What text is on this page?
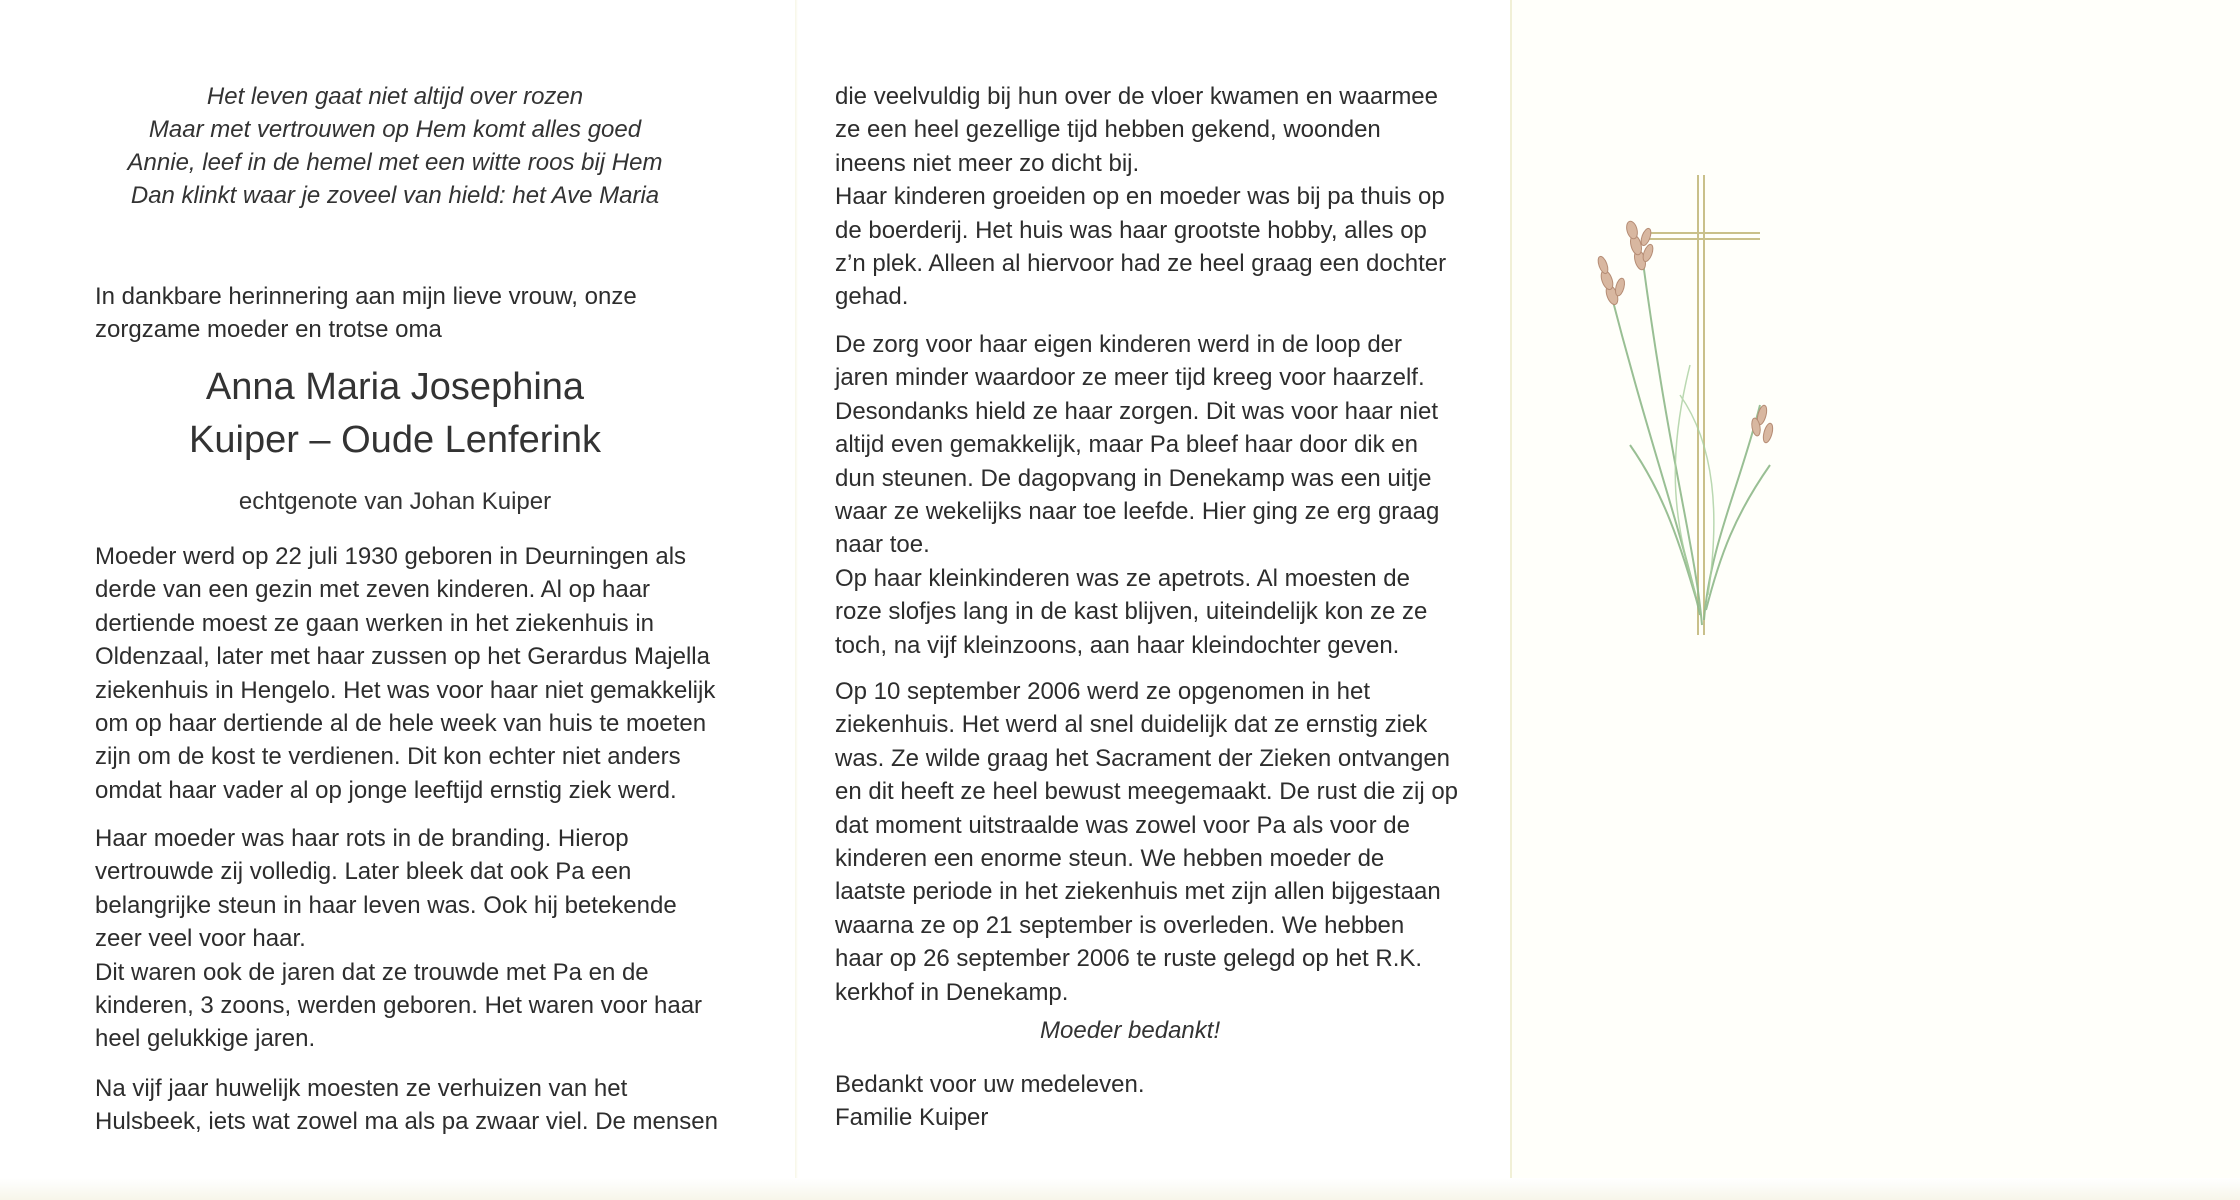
Het leven gaat niet altijd over rozen
Maar met vertrouwen op Hem komt alles goed
Annie, leef in de hemel met een witte roos bij Hem
Dan klinkt waar je zoveel van hield: het Ave Maria

In dankbare herinnering aan mijn lieve vrouw, onze
zorgzame moeder en trotse oma

Anna Maria Josephina
Kuiper – Oude Lenferink
echtgenote van Johan Kuiper
Moeder werd op 22 juli 1930 geboren in Deurningen als
derde van een gezin met zeven kinderen. Al op haar
dertiende moest ze gaan werken in het ziekenhuis in
Oldenzaal, later met haar zussen op het Gerardus Majella
ziekenhuis in Hengelo. Het was voor haar niet gemakkelijk
om op haar dertiende al de hele week van huis te moeten
zijn om de kost te verdienen. Dit kon echter niet anders
omdat haar vader al op jonge leeftijd ernstig ziek werd.
Haar moeder was haar rots in de branding. Hierop
vertrouwde zij volledig. Later bleek dat ook Pa een
belangrijke steun in haar leven was. Ook hij betekende
zeer veel voor haar.
Dit waren ook de jaren dat ze trouwde met Pa en de
kinderen, 3 zoons, werden geboren. Het waren voor haar
heel gelukkige jaren.
Na vijf jaar huwelijk moesten ze verhuizen van het
Hulsbeek, iets wat zowel ma als pa zwaar viel. De mensen
die veelvuldig bij hun over de vloer kwamen en waarmee
ze een heel gezellige tijd hebben gekend, woonden
ineens niet meer zo dicht bij.
Haar kinderen groeiden op en moeder was bij pa thuis op
de boerderij. Het huis was haar grootste hobby, alles op
z’n plek. Alleen al hiervoor had ze heel graag een dochter
gehad.
De zorg voor haar eigen kinderen werd in de loop der
jaren minder waardoor ze meer tijd kreeg voor haarzelf.
Desondanks hield ze haar zorgen. Dit was voor haar niet
altijd even gemakkelijk, maar Pa bleef haar door dik en
dun steunen. De dagopvang in Denekamp was een uitje
waar ze wekelijks naar toe leefde. Hier ging ze erg graag
naar toe.
Op haar kleinkinderen was ze apetrots. Al moesten de
roze slofjes lang in de kast blijven, uiteindelijk kon ze ze
toch, na vijf kleinzoons, aan haar kleindochter geven.
Op 10 september 2006 werd ze opgenomen in het
ziekenhuis. Het werd al snel duidelijk dat ze ernstig ziek
was. Ze wilde graag het Sacrament der Zieken ontvangen
en dit heeft ze heel bewust meegemaakt. De rust die zij op
dat moment uitstraalde was zowel voor Pa als voor de
kinderen een enorme steun. We hebben moeder de
laatste periode in het ziekenhuis met zijn allen bijgestaan
waarna ze op 21 september is overleden. We hebben
haar op 26 september 2006 te ruste gelegd op het R.K.
kerkhof in Denekamp.
Moeder bedankt!
Bedankt voor uw medeleven.
Familie Kuiper
